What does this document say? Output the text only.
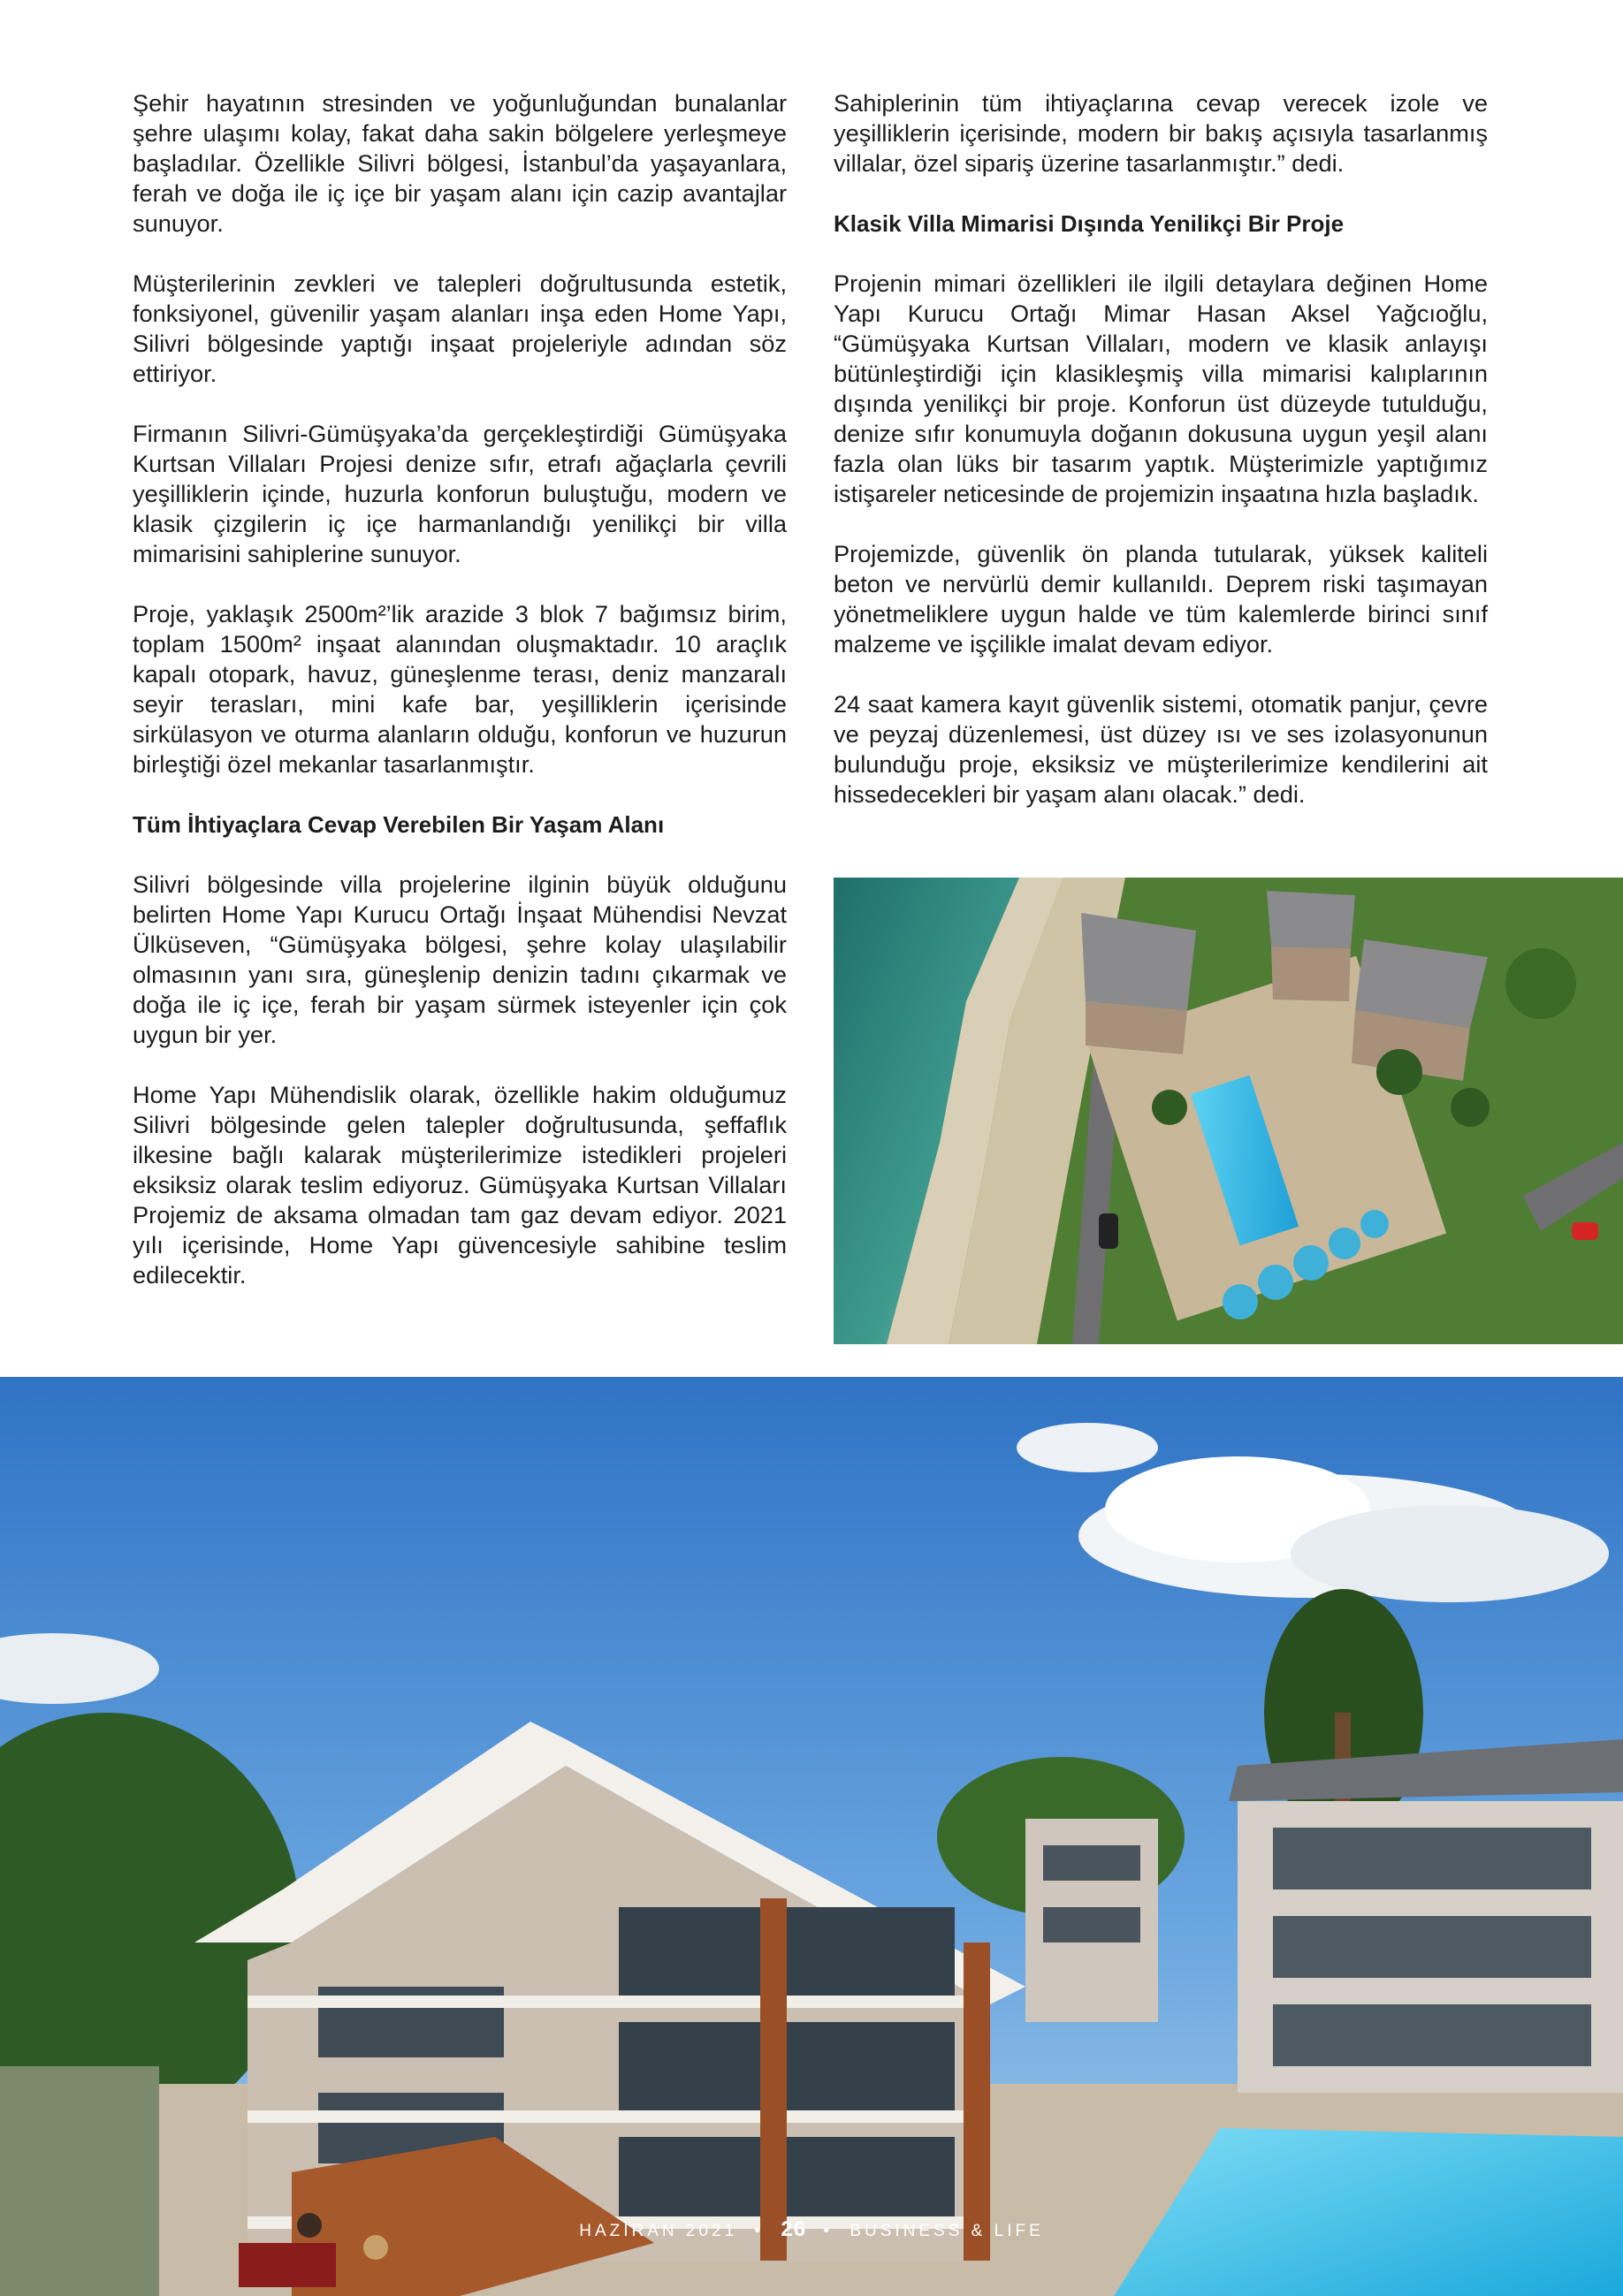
Şehir hayatının stresinden ve yoğunluğundan bunalanlar şehre ulaşımı kolay, fakat daha sakin bölgelere yerleşmeye başladılar. Özellikle Silivri bölgesi, İstanbul’da yaşayanlara, ferah ve doğa ile iç içe bir yaşam alanı için cazip avantajlar sunuyor.

Müşterilerinin zevkleri ve talepleri doğrultusunda estetik, fonksiyonel, güvenilir yaşam alanları inşa eden Home Yapı, Silivri bölgesinde yaptığı inşaat projeleriyle adından söz ettiriyor.

Firmanın Silivri-Gümüşyaka’da gerçekleştirdiği Gümüşyaka Kurtsan Villaları Projesi denize sıfır, etrafı ağaçlarla çevrili yeşilliklerin içinde, huzurla konforun buluştuğu, modern ve klasik çizgilerin iç içe harmanlandığı yenilikçi bir villa mimarisini sahiplerine sunuyor.

Proje, yaklaşık 2500m²’lik arazide 3 blok 7 bağımsız birim, toplam 1500m² inşaat alanından oluşmaktadır. 10 araçlık kapalı otopark, havuz, güneşlenme terası, deniz manzaralı seyir terasları, mini kafe bar, yeşilliklerin içerisinde sirkülasyon ve oturma alanların olduğu, konforun ve huzurun birleştiği özel mekanlar tasarlanmıştır.

Tüm İhtiyaçlara Cevap Verebilen Bir Yaşam Alanı

Silivri bölgesinde villa projelerine ilginin büyük olduğunu belirten Home Yapı Kurucu Ortağı İnşaat Mühendisi Nevzat Ülküseven, “Gümüşyaka bölgesi, şehre kolay ulaşılabilir olmasının yanı sıra, güneşlenip denizin tadını çıkarmak ve doğa ile iç içe, ferah bir yaşam sürmek isteyenler için çok uygun bir yer.

Home Yapı Mühendislik olarak, özellikle hakim olduğumuz Silivri bölgesinde gelen talepler doğrultusunda, şeffaflık ilkesine bağlı kalarak müşterilerimize istedikleri projeleri eksiksiz olarak teslim ediyoruz. Gümüşyaka Kurtsan Villaları Projemiz de aksama olmadan tam gaz devam ediyor. 2021 yılı içerisinde, Home Yapı güvencesiyle sahibine teslim edilecektir.

Sahiplerinin tüm ihtiyaçlarına cevap verecek izole ve yeşilliklerin içerisinde, modern bir bakış açısıyla tasarlanmış villalar, özel sipariş üzerine tasarlanmıştır.” dedi.

Klasik Villa Mimarisi Dışında Yenilikçi Bir Proje

Projenin mimari özellikleri ile ilgili detaylara değinen Home Yapı Kurucu Ortağı Mimar Hasan Aksel Yağcıoğlu, “Gümüşyaka Kurtsan Villaları, modern ve klasik anlayışı bütünleştirdiği için klasikleşmiş villa mimarisi kalıplarının dışında yenilikçi bir proje. Konforun üst düzeyde tutulduğu, denize sıfır konumuyla doğanın dokusuna uygun yeşil alanı fazla olan lüks bir tasarım yaptık. Müşterimizle yaptığımız istişareler neticesinde de projemizin inşaatına hızla başladık.

Projemizde, güvenlik ön planda tutularak, yüksek kaliteli beton ve nervürlü demir kullanıldı. Deprem riski taşımayan yönetmeliklere uygun halde ve tüm kalemlerde birinci sınıf malzeme ve işçilikle imalat devam ediyor.

24 saat kamera kayıt güvenlik sistemi, otomatik panjur, çevre ve peyzaj düzenlemesi, üst düzey ısı ve ses izolasyonunun bulunduğu proje, eksiksiz ve müşterilerimize kendilerini ait hissedecekleri bir yaşam alanı olacak.” dedi.

HAZİRAN 2021 • 26 • BUSINESS & LIFE
